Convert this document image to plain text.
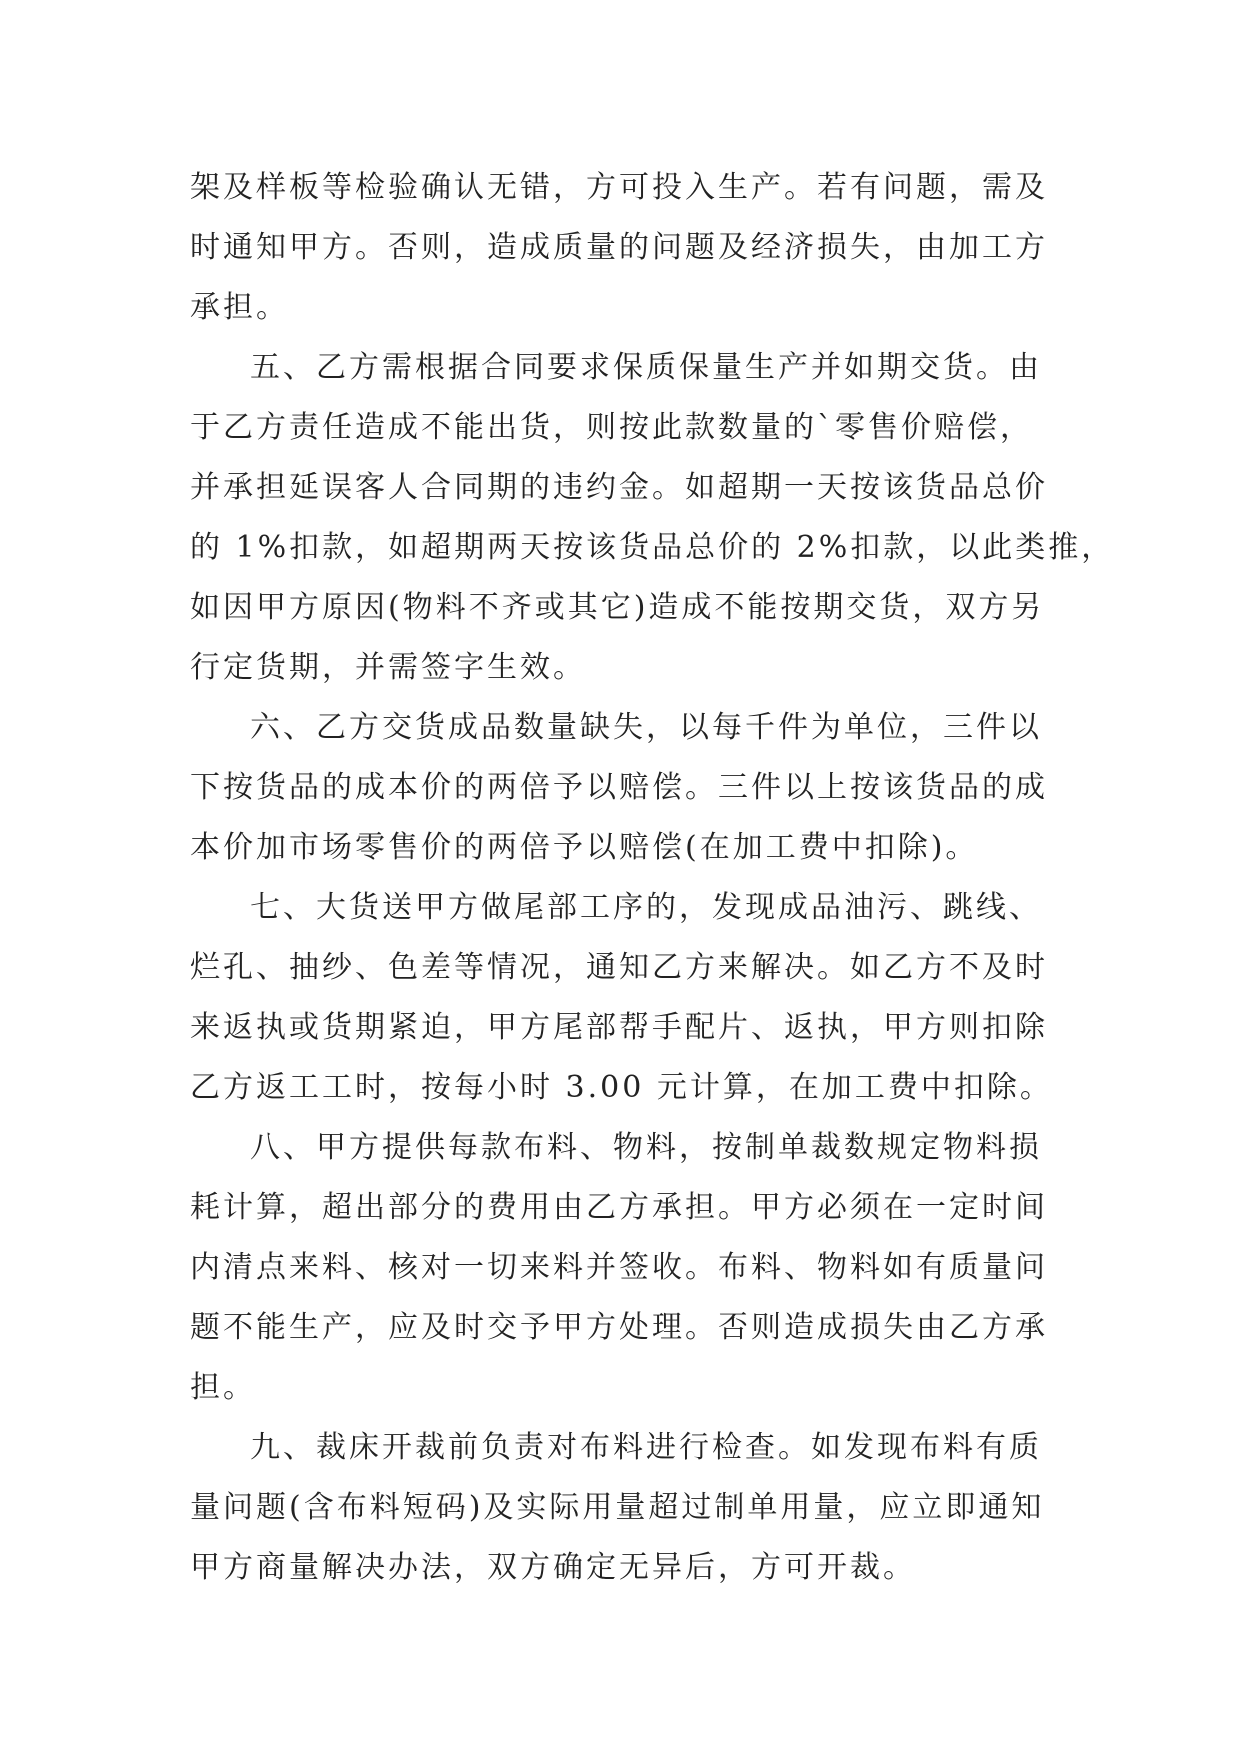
架及样板等检验确认无错，方可投入生产。若有问题，需及
时通知甲方。否则，造成质量的问题及经济损失，由加工方
承担。
五、乙方需根据合同要求保质保量生产并如期交货。由
于乙方责任造成不能出货，则按此款数量的`零售价赔偿，
并承担延误客人合同期的违约金。如超期一天按该货品总价
的 1%扣款，如超期两天按该货品总价的 2%扣款，以此类推，
如因甲方原因(物料不齐或其它)造成不能按期交货，双方另
行定货期，并需签字生效。
六、乙方交货成品数量缺失，以每千件为单位，三件以
下按货品的成本价的两倍予以赔偿。三件以上按该货品的成
本价加市场零售价的两倍予以赔偿(在加工费中扣除)。
七、大货送甲方做尾部工序的，发现成品油污、跳线、
烂孔、抽纱、色差等情况，通知乙方来解决。如乙方不及时
来返执或货期紧迫，甲方尾部帮手配片、返执，甲方则扣除
乙方返工工时，按每小时 3.00 元计算，在加工费中扣除。
八、甲方提供每款布料、物料，按制单裁数规定物料损
耗计算，超出部分的费用由乙方承担。甲方必须在一定时间
内清点来料、核对一切来料并签收。布料、物料如有质量问
题不能生产，应及时交予甲方处理。否则造成损失由乙方承
担。
九、裁床开裁前负责对布料进行检查。如发现布料有质
量问题(含布料短码)及实际用量超过制单用量，应立即通知
甲方商量解决办法，双方确定无异后，方可开裁。
